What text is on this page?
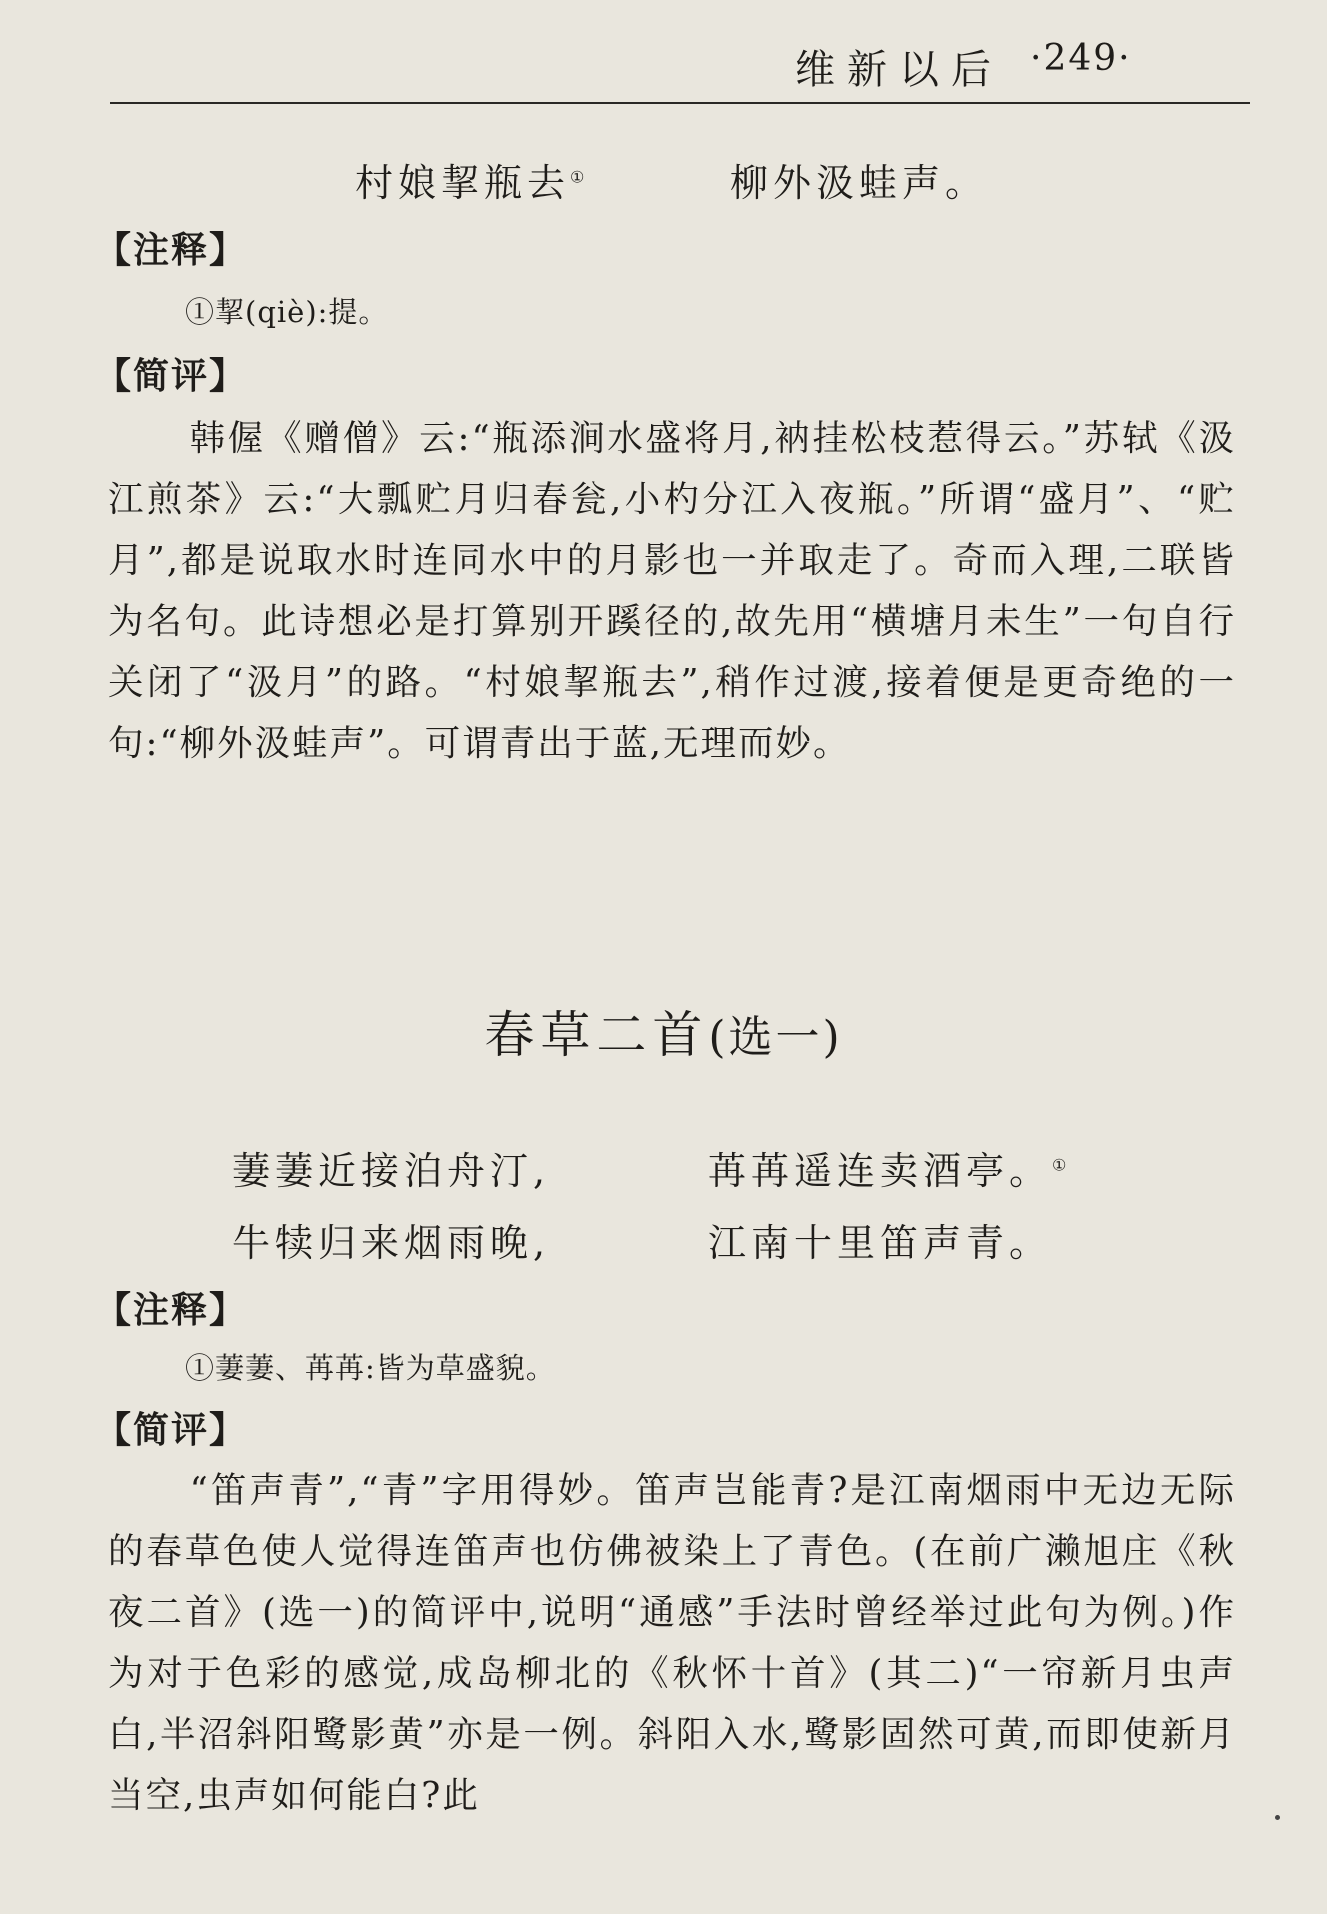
维新以后 ·249·
村娘挈瓶去①	柳外汲蛙声。
【注释】
①挈(qiè):提。
【简评】

韩偓《赠僧》云:“瓶添涧水盛将月,衲挂松枝惹得云。”苏轼《汲江煎茶》云:“大瓢贮月归春瓮,小杓分江入夜瓶。”所谓“盛月”、“贮月”,都是说取水时连同水中的月影也一并取走了。奇而入理,二联皆为名句。此诗想必是打算别开蹊径的,故先用“横塘月未生”一句自行关闭了“汲月”的路。“村娘挈瓶去”,稍作过渡,接着便是更奇绝的一句:“柳外汲蛙声”。可谓青出于蓝,无理而妙。

春草二首(选一)
萋萋近接泊舟汀,	苒苒遥连卖酒亭。①
牛犊归来烟雨晚,	江南十里笛声青。
【注释】
①萋萋、苒苒:皆为草盛貌。
【简评】

“笛声青”,“青”字用得妙。笛声岂能青?是江南烟雨中无边无际的春草色使人觉得连笛声也仿佛被染上了青色。(在前广濑旭庄《秋夜二首》(选一)的简评中,说明“通感”手法时曾经举过此句为例。)作为对于色彩的感觉,成岛柳北的《秋怀十首》(其二)“一帘新月虫声白,半沼斜阳鹭影黄”亦是一例。斜阳入水,鹭影固然可黄,而即使新月当空,虫声如何能白?此
